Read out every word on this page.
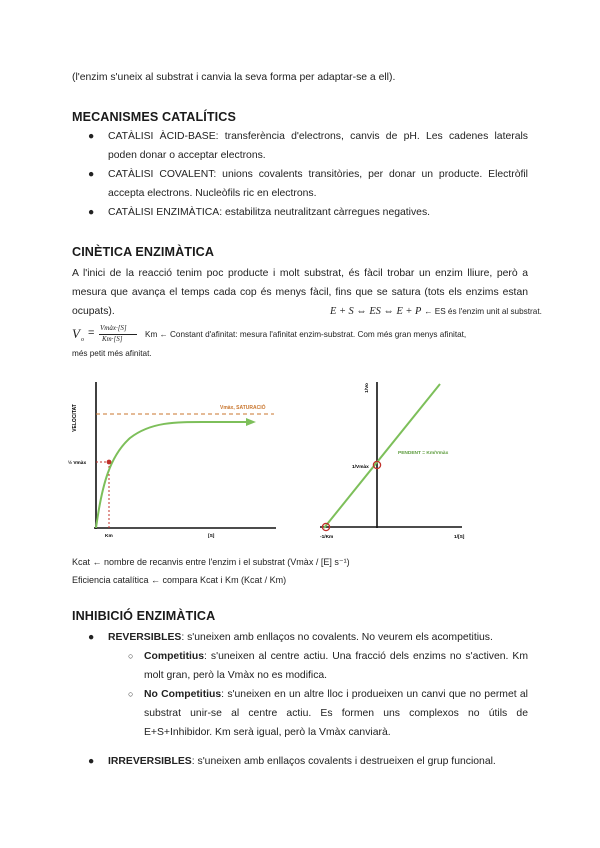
(l'enzim s'uneix al substrat i canvia la seva forma per adaptar-se a ell).
MECANISMES CATALÍTICS
● CATÀLISI ÀCID-BASE: transferència d'electrons, canvis de pH. Les cadenes laterals poden donar o acceptar electrons.
● CATÀLISI COVALENT: unions covalents transitòries, per donar un producte. Electròfil accepta electrons. Nucleòfils ric en electrons.
● CATÀLISI ENZIMÀTICA: estabilitza neutralitzant càrregues negatives.
CINÈTICA ENZIMÀTICA
A l'inici de la reacció tenim poc producte i molt substrat, és fàcil trobar un enzim lliure, però a mesura que avança el temps cada cop és menys fàcil, fins que se satura (tots els enzims estan ocupats).	E + S ⇔ ES ⇔ E + P ← ES és l'enzim unit al substrat.
V o
= Vmàx·[S]
Km·[S]	Km ← Constant d'afinitat: mesura l'afinitat enzim-substrat. Com més gran menys afinitat,
més petit més afinitat.
Kcat ← nombre de recanvis entre l'enzim i el substrat (Vmàx / [E] s⁻¹)
Eficiencia catalítica ← compara Kcat i Km (Kcat / Km)
INHIBICIÓ ENZIMÀTICA
● REVERSIBLES: s'uneixen amb enllaços no covalents. No veurem els acompetitius.
○ Competitius: s'uneixen al centre actiu. Una fracció dels enzims no s'activen. Km molt gran, però la Vmàx no es modifica.
○ No Competitius: s'uneixen en un altre lloc i produeixen un canvi que no permet al substrat unir-se al centre actiu. Es formen uns complexos no útils de E+S+Inhibidor. Km serà igual, però la Vmàx canviarà.
● IRREVERSIBLES: s'uneixen amb enllaços covalents i destrueixen el grup funcional.
VELOCITAT	Vmàx, SATURACIÓ
½ Vmàx
Km	[S]
1/Vo
1/Vmàx
PENDENT = Km/Vmàx
-1/Km	1/[S]
